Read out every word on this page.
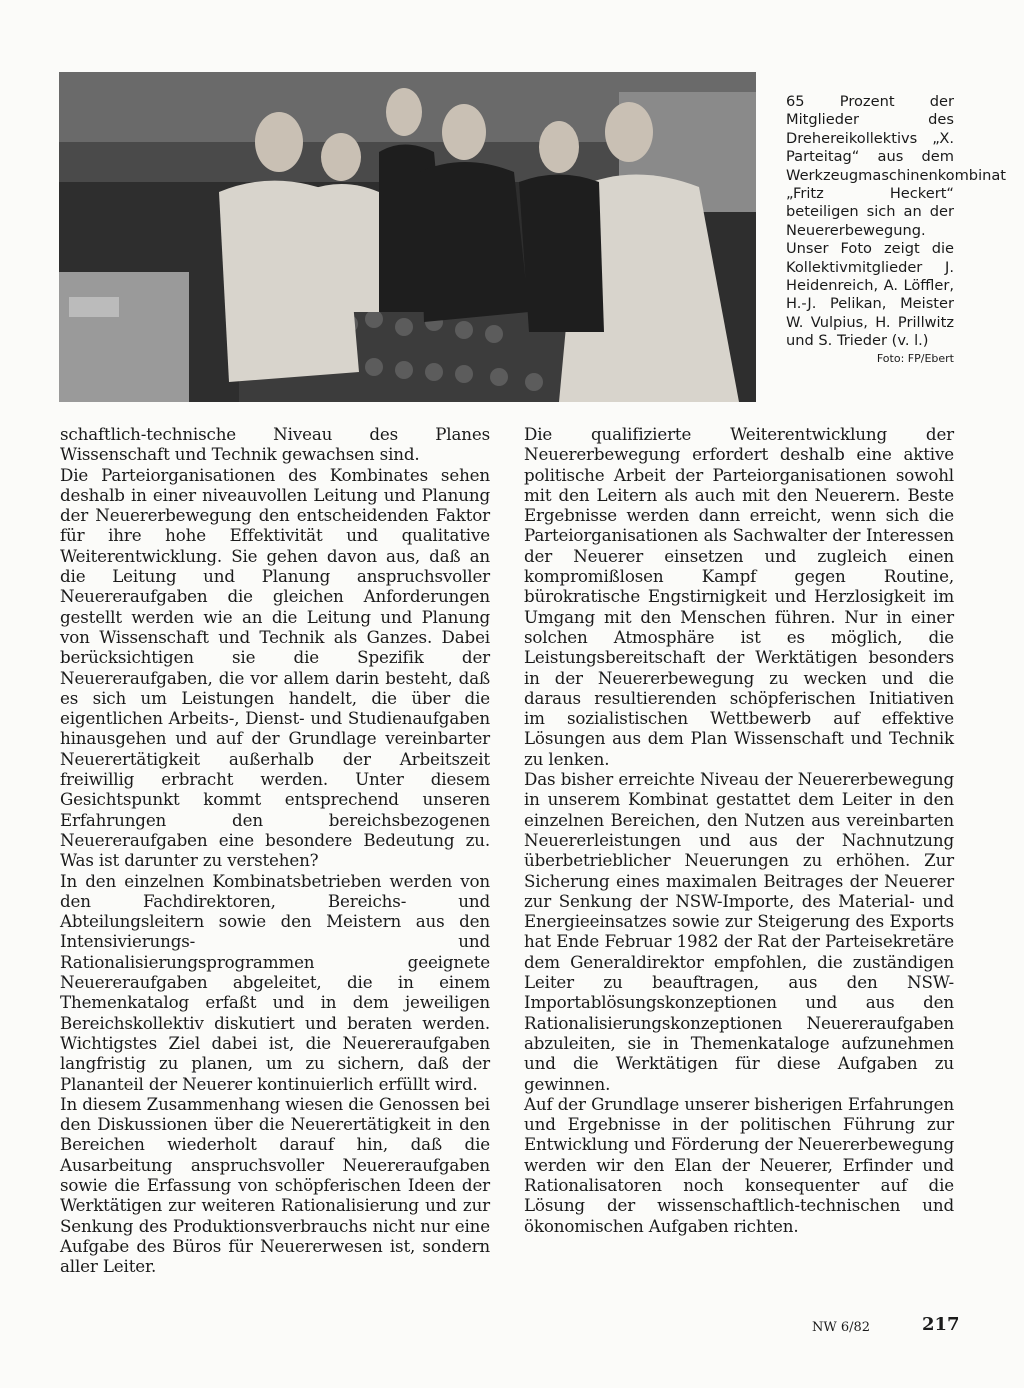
65 Prozent der Mitglieder des Drehereikollektivs „X. Parteitag“ aus dem Werkzeugmaschinenkombinat „Fritz Heckert“ beteiligen sich an der Neuererbewegung. Unser Foto zeigt die Kollektivmitglieder J. Heidenreich, A. Löffler, H.-J. Pelikan, Meister W. Vulpius, H. Prillwitz und S. Trieder (v. l.)

Foto: FP/Ebert

schaftlich-technische Niveau des Planes Wissenschaft und Technik gewachsen sind.

Die Parteiorganisationen des Kombinates sehen deshalb in einer niveauvollen Leitung und Planung der Neuererbewegung den entscheidenden Faktor für ihre hohe Effektivität und qualitative Weiterentwicklung. Sie gehen davon aus, daß an die Leitung und Planung anspruchsvoller Neuereraufgaben die gleichen Anforderungen gestellt werden wie an die Leitung und Planung von Wissenschaft und Technik als Ganzes. Dabei berücksichtigen sie die Spezifik der Neuereraufgaben, die vor allem darin besteht, daß es sich um Leistungen handelt, die über die eigentlichen Arbeits-, Dienst- und Studienaufgaben hinausgehen und auf der Grundlage vereinbarter Neuerertätigkeit außerhalb der Arbeitszeit freiwillig erbracht werden. Unter diesem Gesichtspunkt kommt entsprechend unseren Erfahrungen den bereichsbezogenen Neuereraufgaben eine besondere Bedeutung zu. Was ist darunter zu verstehen?

In den einzelnen Kombinatsbetrieben werden von den Fachdirektoren, Bereichs- und Abteilungsleitern sowie den Meistern aus den Intensivierungs- und Rationalisierungsprogrammen geeignete Neuereraufgaben abgeleitet, die in einem Themenkatalog erfaßt und in dem jeweiligen Bereichskollektiv diskutiert und beraten werden. Wichtigstes Ziel dabei ist, die Neuereraufgaben langfristig zu planen, um zu sichern, daß der Plananteil der Neuerer kontinuierlich erfüllt wird.

In diesem Zusammenhang wiesen die Genossen bei den Diskussionen über die Neuerertätigkeit in den Bereichen wiederholt darauf hin, daß die Ausarbeitung anspruchsvoller Neuereraufgaben sowie die Erfassung von schöpferischen Ideen der Werktätigen zur weiteren Rationalisierung und zur Senkung des Produktionsverbrauchs nicht nur eine Aufgabe des Büros für Neuererwesen ist, sondern aller Leiter.

Die qualifizierte Weiterentwicklung der Neuererbewegung erfordert deshalb eine aktive politische Arbeit der Parteiorganisationen sowohl mit den Leitern als auch mit den Neuerern. Beste Ergebnisse werden dann erreicht, wenn sich die Parteiorganisationen als Sachwalter der Interessen der Neuerer einsetzen und zugleich einen kompromißlosen Kampf gegen Routine, bürokratische Engstirnigkeit und Herzlosigkeit im Umgang mit den Menschen führen. Nur in einer solchen Atmosphäre ist es möglich, die Leistungsbereitschaft der Werktätigen besonders in der Neuererbewegung zu wecken und die daraus resultierenden schöpferischen Initiativen im sozialistischen Wettbewerb auf effektive Lösungen aus dem Plan Wissenschaft und Technik zu lenken.

Das bisher erreichte Niveau der Neuererbewegung in unserem Kombinat gestattet dem Leiter in den einzelnen Bereichen, den Nutzen aus vereinbarten Neuererleistungen und aus der Nachnutzung überbetrieblicher Neuerungen zu erhöhen. Zur Sicherung eines maximalen Beitrages der Neuerer zur Senkung der NSW-Importe, des Material- und Energieeinsatzes sowie zur Steigerung des Exports hat Ende Februar 1982 der Rat der Parteisekretäre dem Generaldirektor empfohlen, die zuständigen Leiter zu beauftragen, aus den NSW-Importablösungskonzeptionen und aus den Rationalisierungskonzeptionen Neuereraufgaben abzuleiten, sie in Themenkataloge aufzunehmen und die Werktätigen für diese Aufgaben zu gewinnen.

Auf der Grundlage unserer bisherigen Erfahrungen und Ergebnisse in der politischen Führung zur Entwicklung und Förderung der Neuererbewegung werden wir den Elan der Neuerer, Erfinder und Rationalisatoren noch konsequenter auf die Lösung der wissenschaftlich-technischen und ökonomischen Aufgaben richten.

NW 6/82	217
